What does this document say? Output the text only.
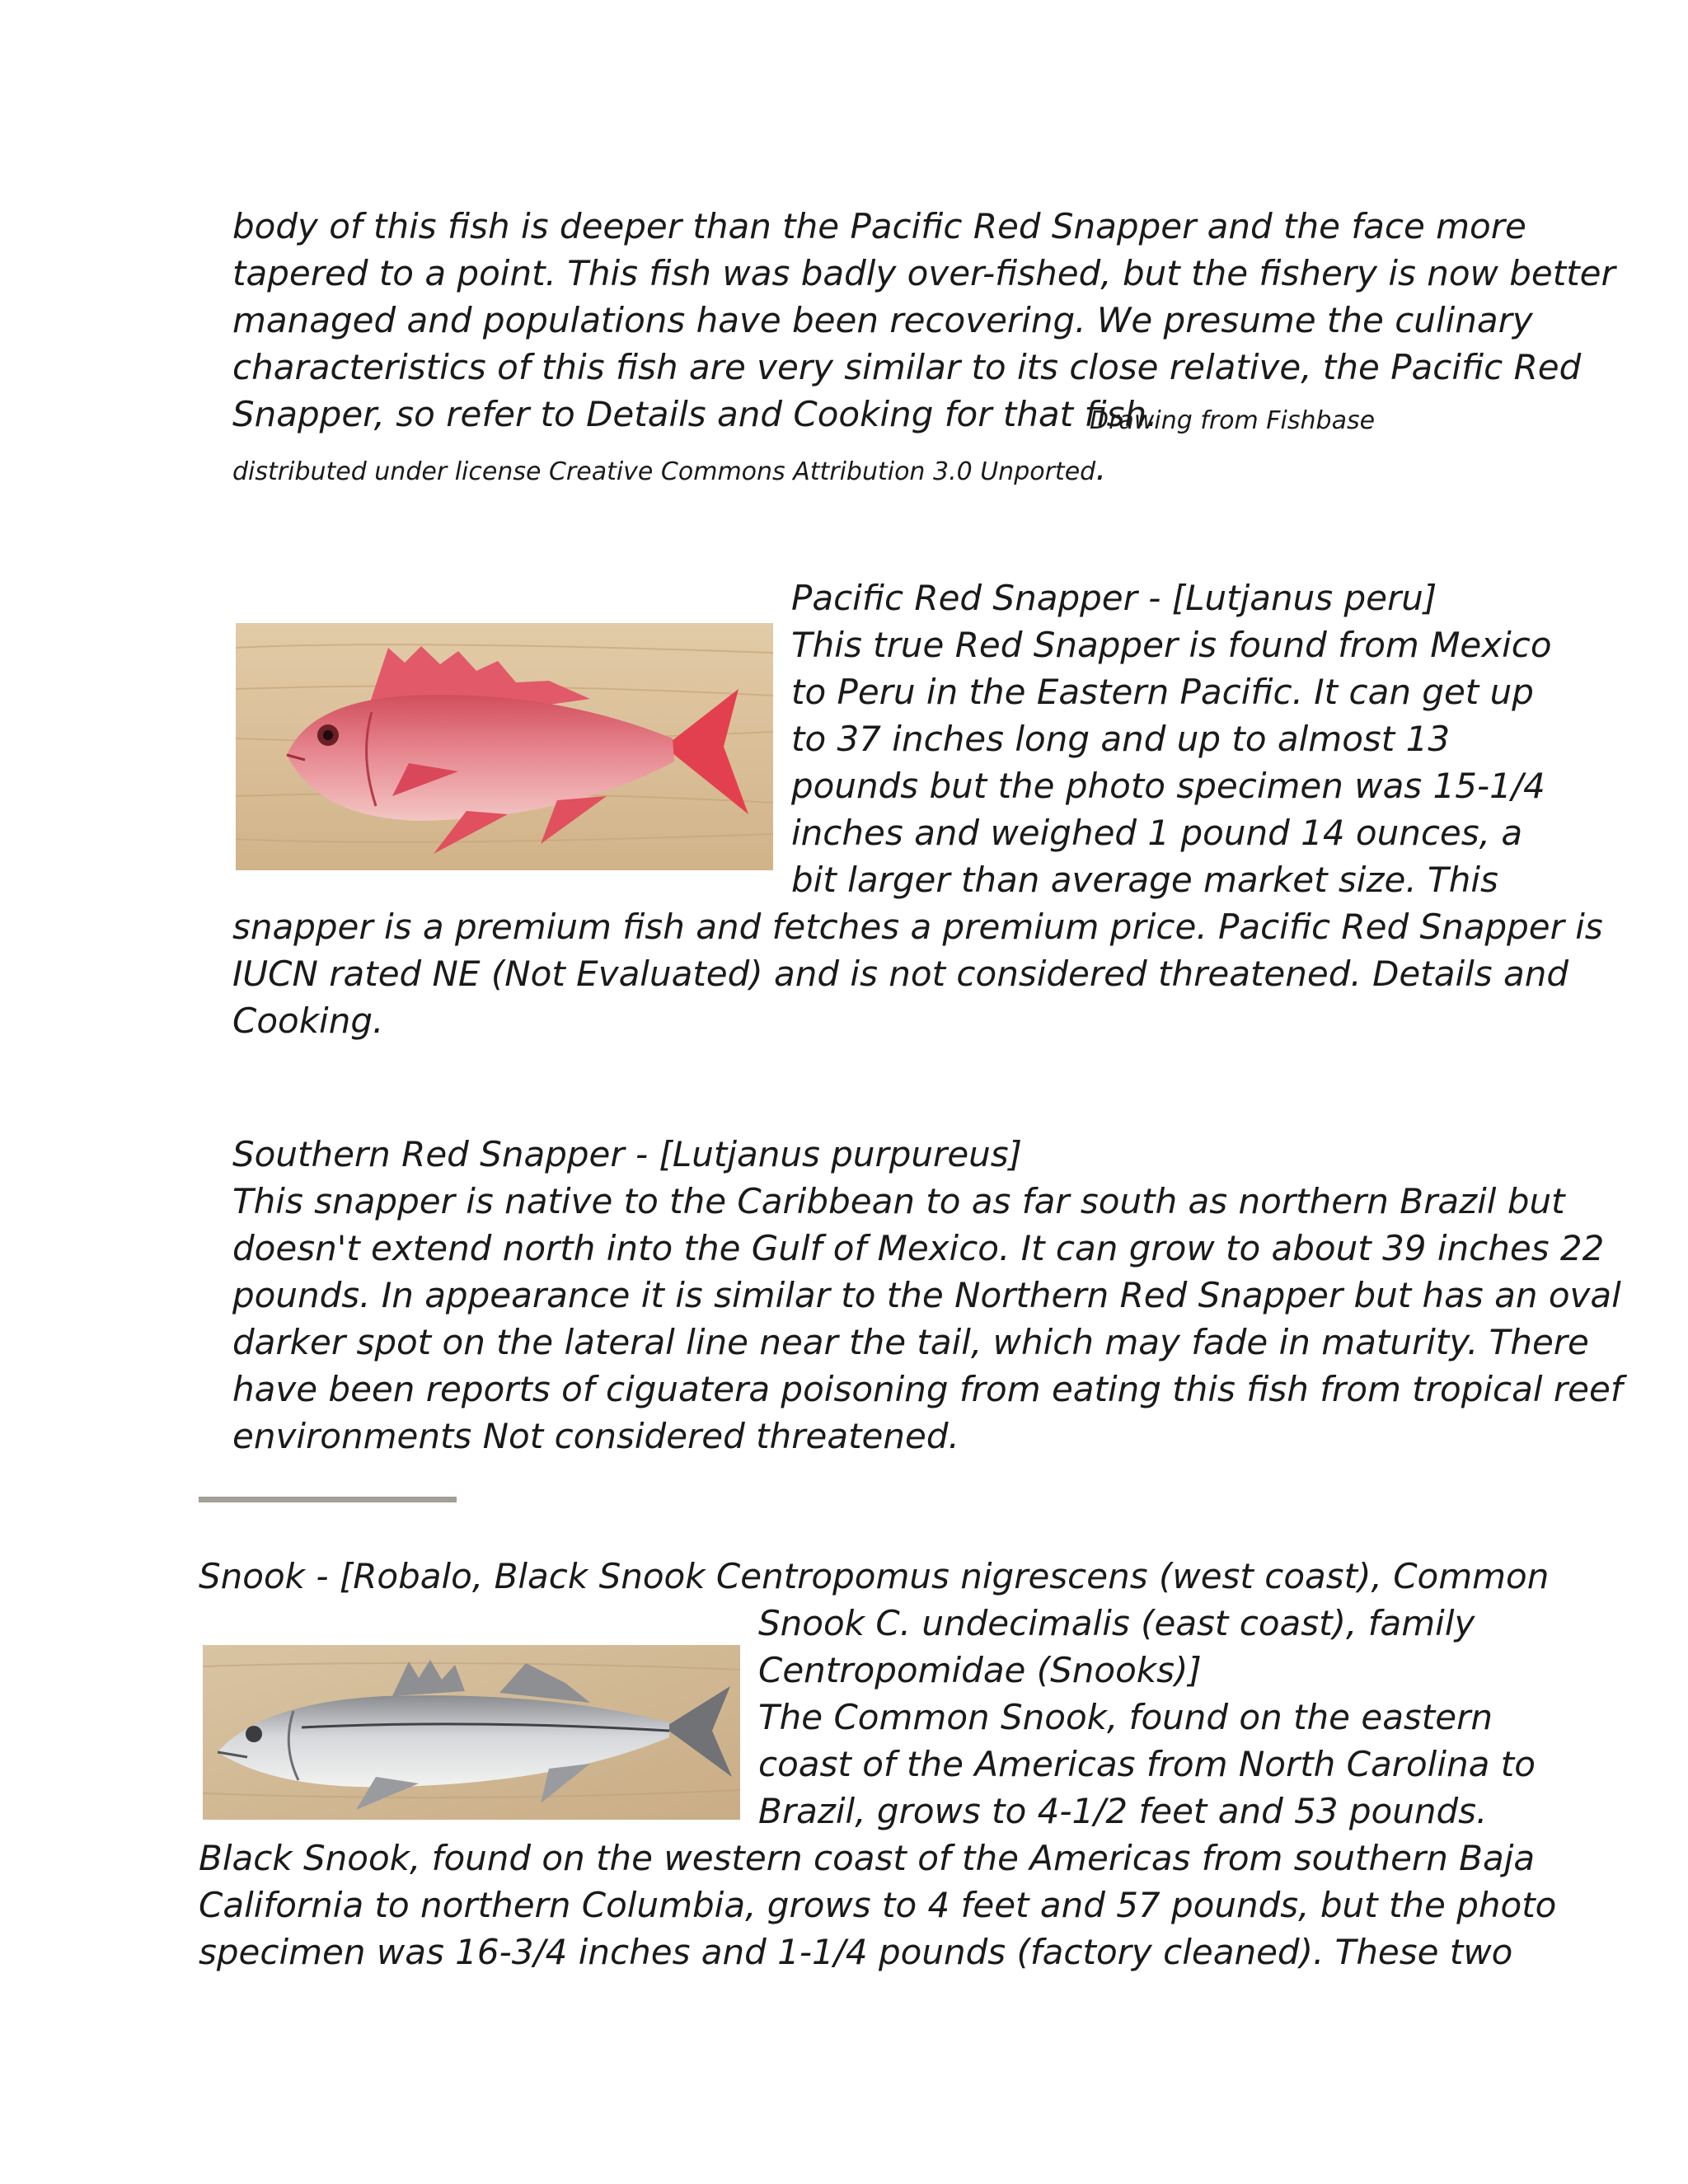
body of this fish is deeper than the Pacific Red Snapper and the face more
tapered to a point. This fish was badly over-fished, but the fishery is now better
managed and populations have been recovering. We presume the culinary
characteristics of this fish are very similar to its close relative, the Pacific Red
Snapper, so refer to Details and Cooking for that fish.
Drawing from Fishbase
distributed under license Creative Commons Attribution 3.0 Unported.
Pacific Red Snapper - [Lutjanus peru]
This true Red Snapper is found from Mexico
to Peru in the Eastern Pacific. It can get up
to 37 inches long and up to almost 13
pounds but the photo specimen was 15-1/4
inches and weighed 1 pound 14 ounces, a
bit larger than average market size. This
snapper is a premium fish and fetches a premium price. Pacific Red Snapper is
IUCN rated NE (Not Evaluated) and is not considered threatened. Details and
Cooking.
Southern Red Snapper - [Lutjanus purpureus]
This snapper is native to the Caribbean to as far south as northern Brazil but
doesn't extend north into the Gulf of Mexico. It can grow to about 39 inches 22
pounds. In appearance it is similar to the Northern Red Snapper but has an oval
darker spot on the lateral line near the tail, which may fade in maturity. There
have been reports of ciguatera poisoning from eating this fish from tropical reef
environments Not considered threatened.
Snook - [Robalo, Black Snook Centropomus nigrescens (west coast), Common
Snook C. undecimalis (east coast), family
Centropomidae (Snooks)]
The Common Snook, found on the eastern
coast of the Americas from North Carolina to
Brazil, grows to 4-1/2 feet and 53 pounds.
Black Snook, found on the western coast of the Americas from southern Baja
California to northern Columbia, grows to 4 feet and 57 pounds, but the photo
specimen was 16-3/4 inches and 1-1/4 pounds (factory cleaned). These two
